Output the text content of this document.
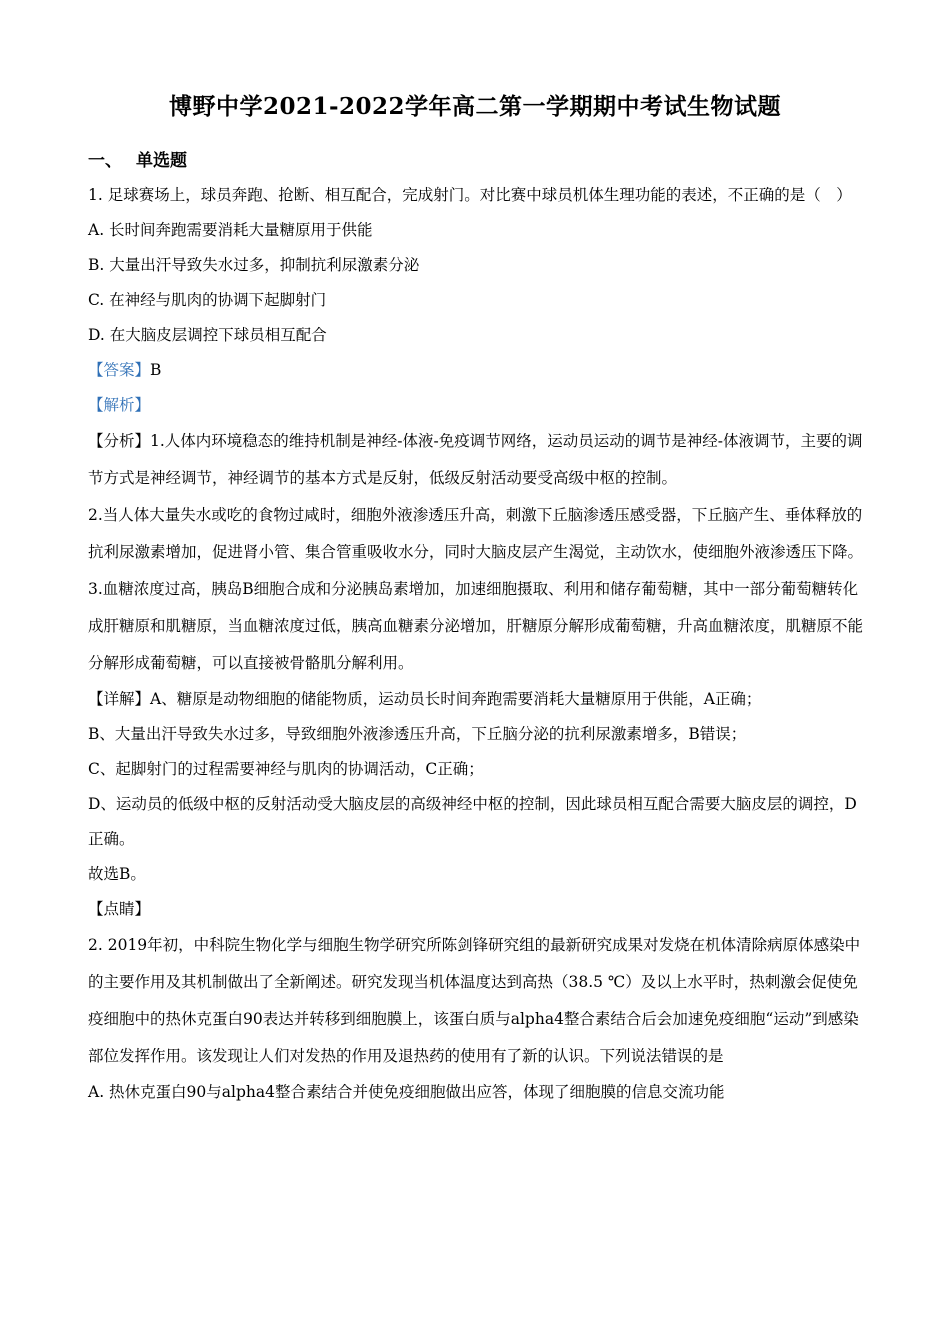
博野中学2021-2022学年高二第一学期期中考试生物试题
一、 单选题

1. 足球赛场上，球员奔跑、抢断、相互配合，完成射门。对比赛中球员机体生理功能的表述，不正确的是（　）

A. 长时间奔跑需要消耗大量糖原用于供能

B. 大量出汗导致失水过多，抑制抗利尿激素分泌

C. 在神经与肌肉的协调下起脚射门

D. 在大脑皮层调控下球员相互配合

【答案】B

【解析】

【分析】1.人体内环境稳态的维持机制是神经-体液-免疫调节网络，运动员运动的调节是神经-体液调节，主要的调节方式是神经调节，神经调节的基本方式是反射，低级反射活动要受高级中枢的控制。

2.当人体大量失水或吃的食物过咸时，细胞外液渗透压升高，刺激下丘脑渗透压感受器，下丘脑产生、垂体释放的抗利尿激素增加，促进肾小管、集合管重吸收水分，同时大脑皮层产生渴觉，主动饮水，使细胞外液渗透压下降。

3.血糖浓度过高，胰岛B细胞合成和分泌胰岛素增加，加速细胞摄取、利用和储存葡萄糖，其中一部分葡萄糖转化成肝糖原和肌糖原，当血糖浓度过低，胰高血糖素分泌增加，肝糖原分解形成葡萄糖，升高血糖浓度，肌糖原不能分解形成葡萄糖，可以直接被骨骼肌分解利用。

【详解】A、糖原是动物细胞的储能物质，运动员长时间奔跑需要消耗大量糖原用于供能，A正确；

B、大量出汗导致失水过多，导致细胞外液渗透压升高，下丘脑分泌的抗利尿激素增多，B错误；

C、起脚射门的过程需要神经与肌肉的协调活动，C正确；

D、运动员的低级中枢的反射活动受大脑皮层的高级神经中枢的控制，因此球员相互配合需要大脑皮层的调控，D正确。

故选B。

【点睛】

2. 2019年初，中科院生物化学与细胞生物学研究所陈剑锋研究组的最新研究成果对发烧在机体清除病原体感染中的主要作用及其机制做出了全新阐述。研究发现当机体温度达到高热（38.5 ℃）及以上水平时，热刺激会促使免疫细胞中的热休克蛋白90表达并转移到细胞膜上，该蛋白质与alpha4整合素结合后会加速免疫细胞“运动”到感染部位发挥作用。该发现让人们对发热的作用及退热药的使用有了新的认识。下列说法错误的是

A. 热休克蛋白90与alpha4整合素结合并使免疫细胞做出应答，体现了细胞膜的信息交流功能
